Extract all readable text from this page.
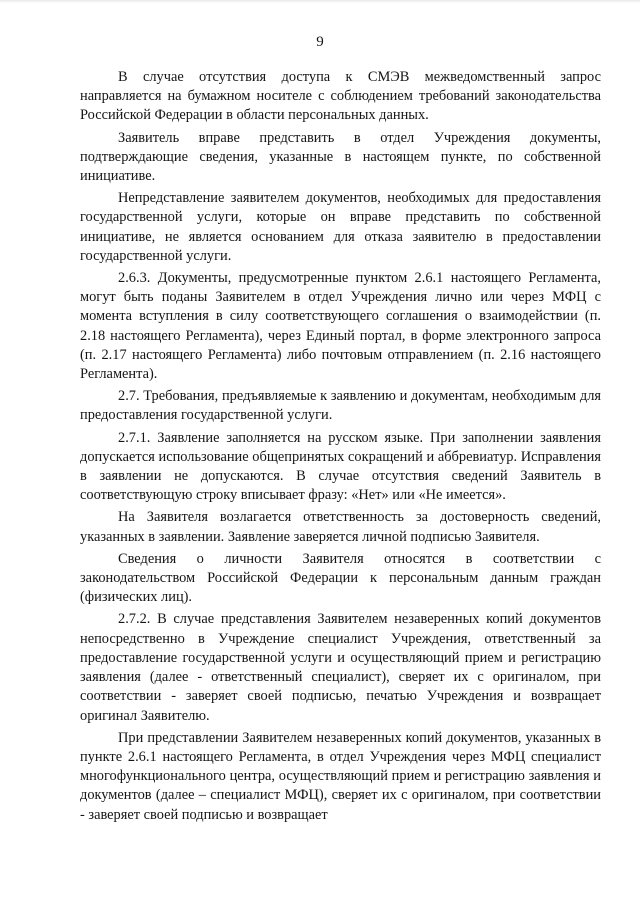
9

В случае отсутствия доступа к СМЭВ межведомственный запрос направляется на бумажном носителе с соблюдением требований законодательства Российской Федерации в области персональных данных.

Заявитель вправе представить в отдел Учреждения документы, подтверждающие сведения, указанные в настоящем пункте, по собственной инициативе.

Непредставление заявителем документов, необходимых для предоставления государственной услуги, которые он вправе представить по собственной инициативе, не является основанием для отказа заявителю в предоставлении государственной услуги.

2.6.3. Документы, предусмотренные пунктом 2.6.1 настоящего Регламента, могут быть поданы Заявителем в отдел Учреждения лично или через МФЦ с момента вступления в силу соответствующего соглашения о взаимодействии (п. 2.18 настоящего Регламента), через Единый портал, в форме электронного запроса (п. 2.17 настоящего Регламента) либо почтовым отправлением (п. 2.16 настоящего Регламента).

2.7. Требования, предъявляемые к заявлению и документам, необходимым для предоставления государственной услуги.

2.7.1. Заявление заполняется на русском языке. При заполнении заявления допускается использование общепринятых сокращений и аббревиатур. Исправления в заявлении не допускаются. В случае отсутствия сведений Заявитель в соответствующую строку вписывает фразу: «Нет» или «Не имеется».

На Заявителя возлагается ответственность за достоверность сведений, указанных в заявлении. Заявление заверяется личной подписью Заявителя.

Сведения о личности Заявителя относятся в соответствии с законодательством Российской Федерации к персональным данным граждан (физических лиц).

2.7.2. В случае представления Заявителем незаверенных копий документов непосредственно в Учреждение специалист Учреждения, ответственный за предоставление государственной услуги и осуществляющий прием и регистрацию заявления (далее - ответственный специалист), сверяет их с оригиналом, при соответствии - заверяет своей подписью, печатью Учреждения и возвращает оригинал Заявителю.

При представлении Заявителем незаверенных копий документов, указанных в пункте 2.6.1 настоящего Регламента, в отдел Учреждения через МФЦ специалист многофункционального центра, осуществляющий прием и регистрацию заявления и документов (далее – специалист МФЦ), сверяет их с оригиналом, при соответствии - заверяет своей подписью и возвращает
